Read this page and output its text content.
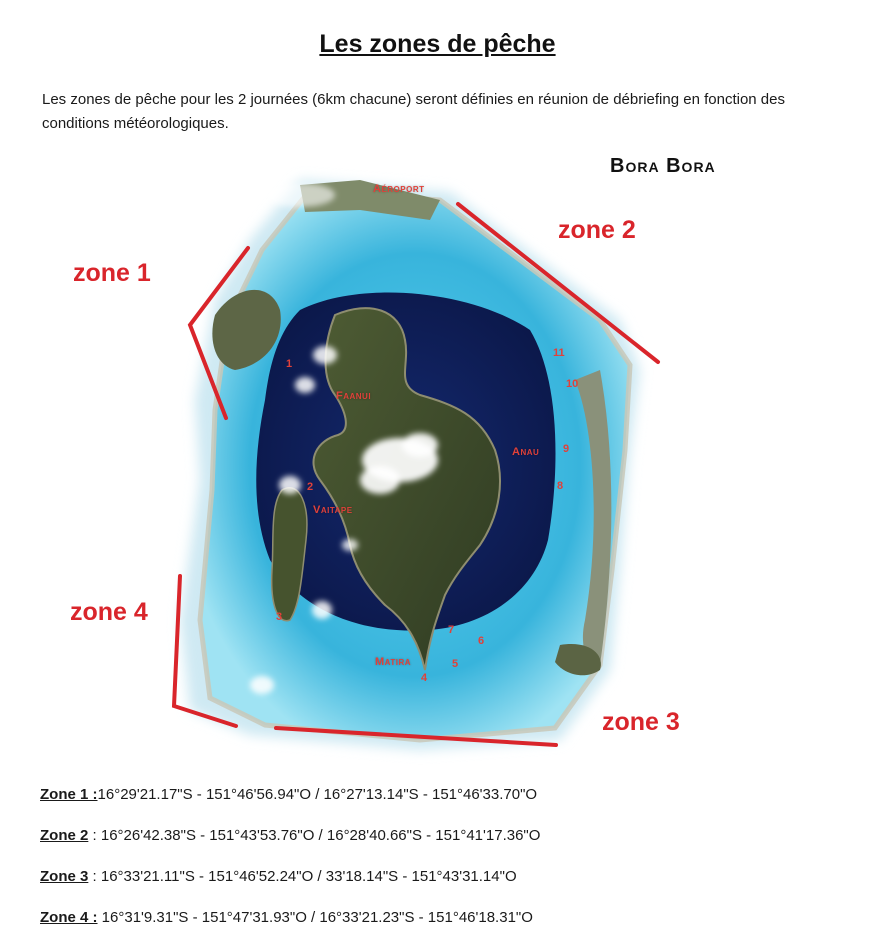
Les zones de pêche
Les zones de pêche pour les 2 journées (6km chacune) seront définies en réunion de débriefing en fonction des conditions météorologiques.
Aéroport
Faanui
Anau
Vaitape
Matira
1
2
3
4
5
6
7
8
9
10
11
Bora Bora
zone 1
zone 2
zone 3
zone 4
Zone 1 :16°29'21.17"S - 151°46'56.94"O / 16°27'13.14"S - 151°46'33.70"O
Zone 2 : 16°26'42.38"S - 151°43'53.76"O / 16°28'40.66"S - 151°41'17.36"O
Zone 3 : 16°33'21.11"S - 151°46'52.24"O / 33'18.14"S - 151°43'31.14"O
Zone 4 : 16°31'9.31"S - 151°47'31.93"O / 16°33'21.23"S - 151°46'18.31"O
